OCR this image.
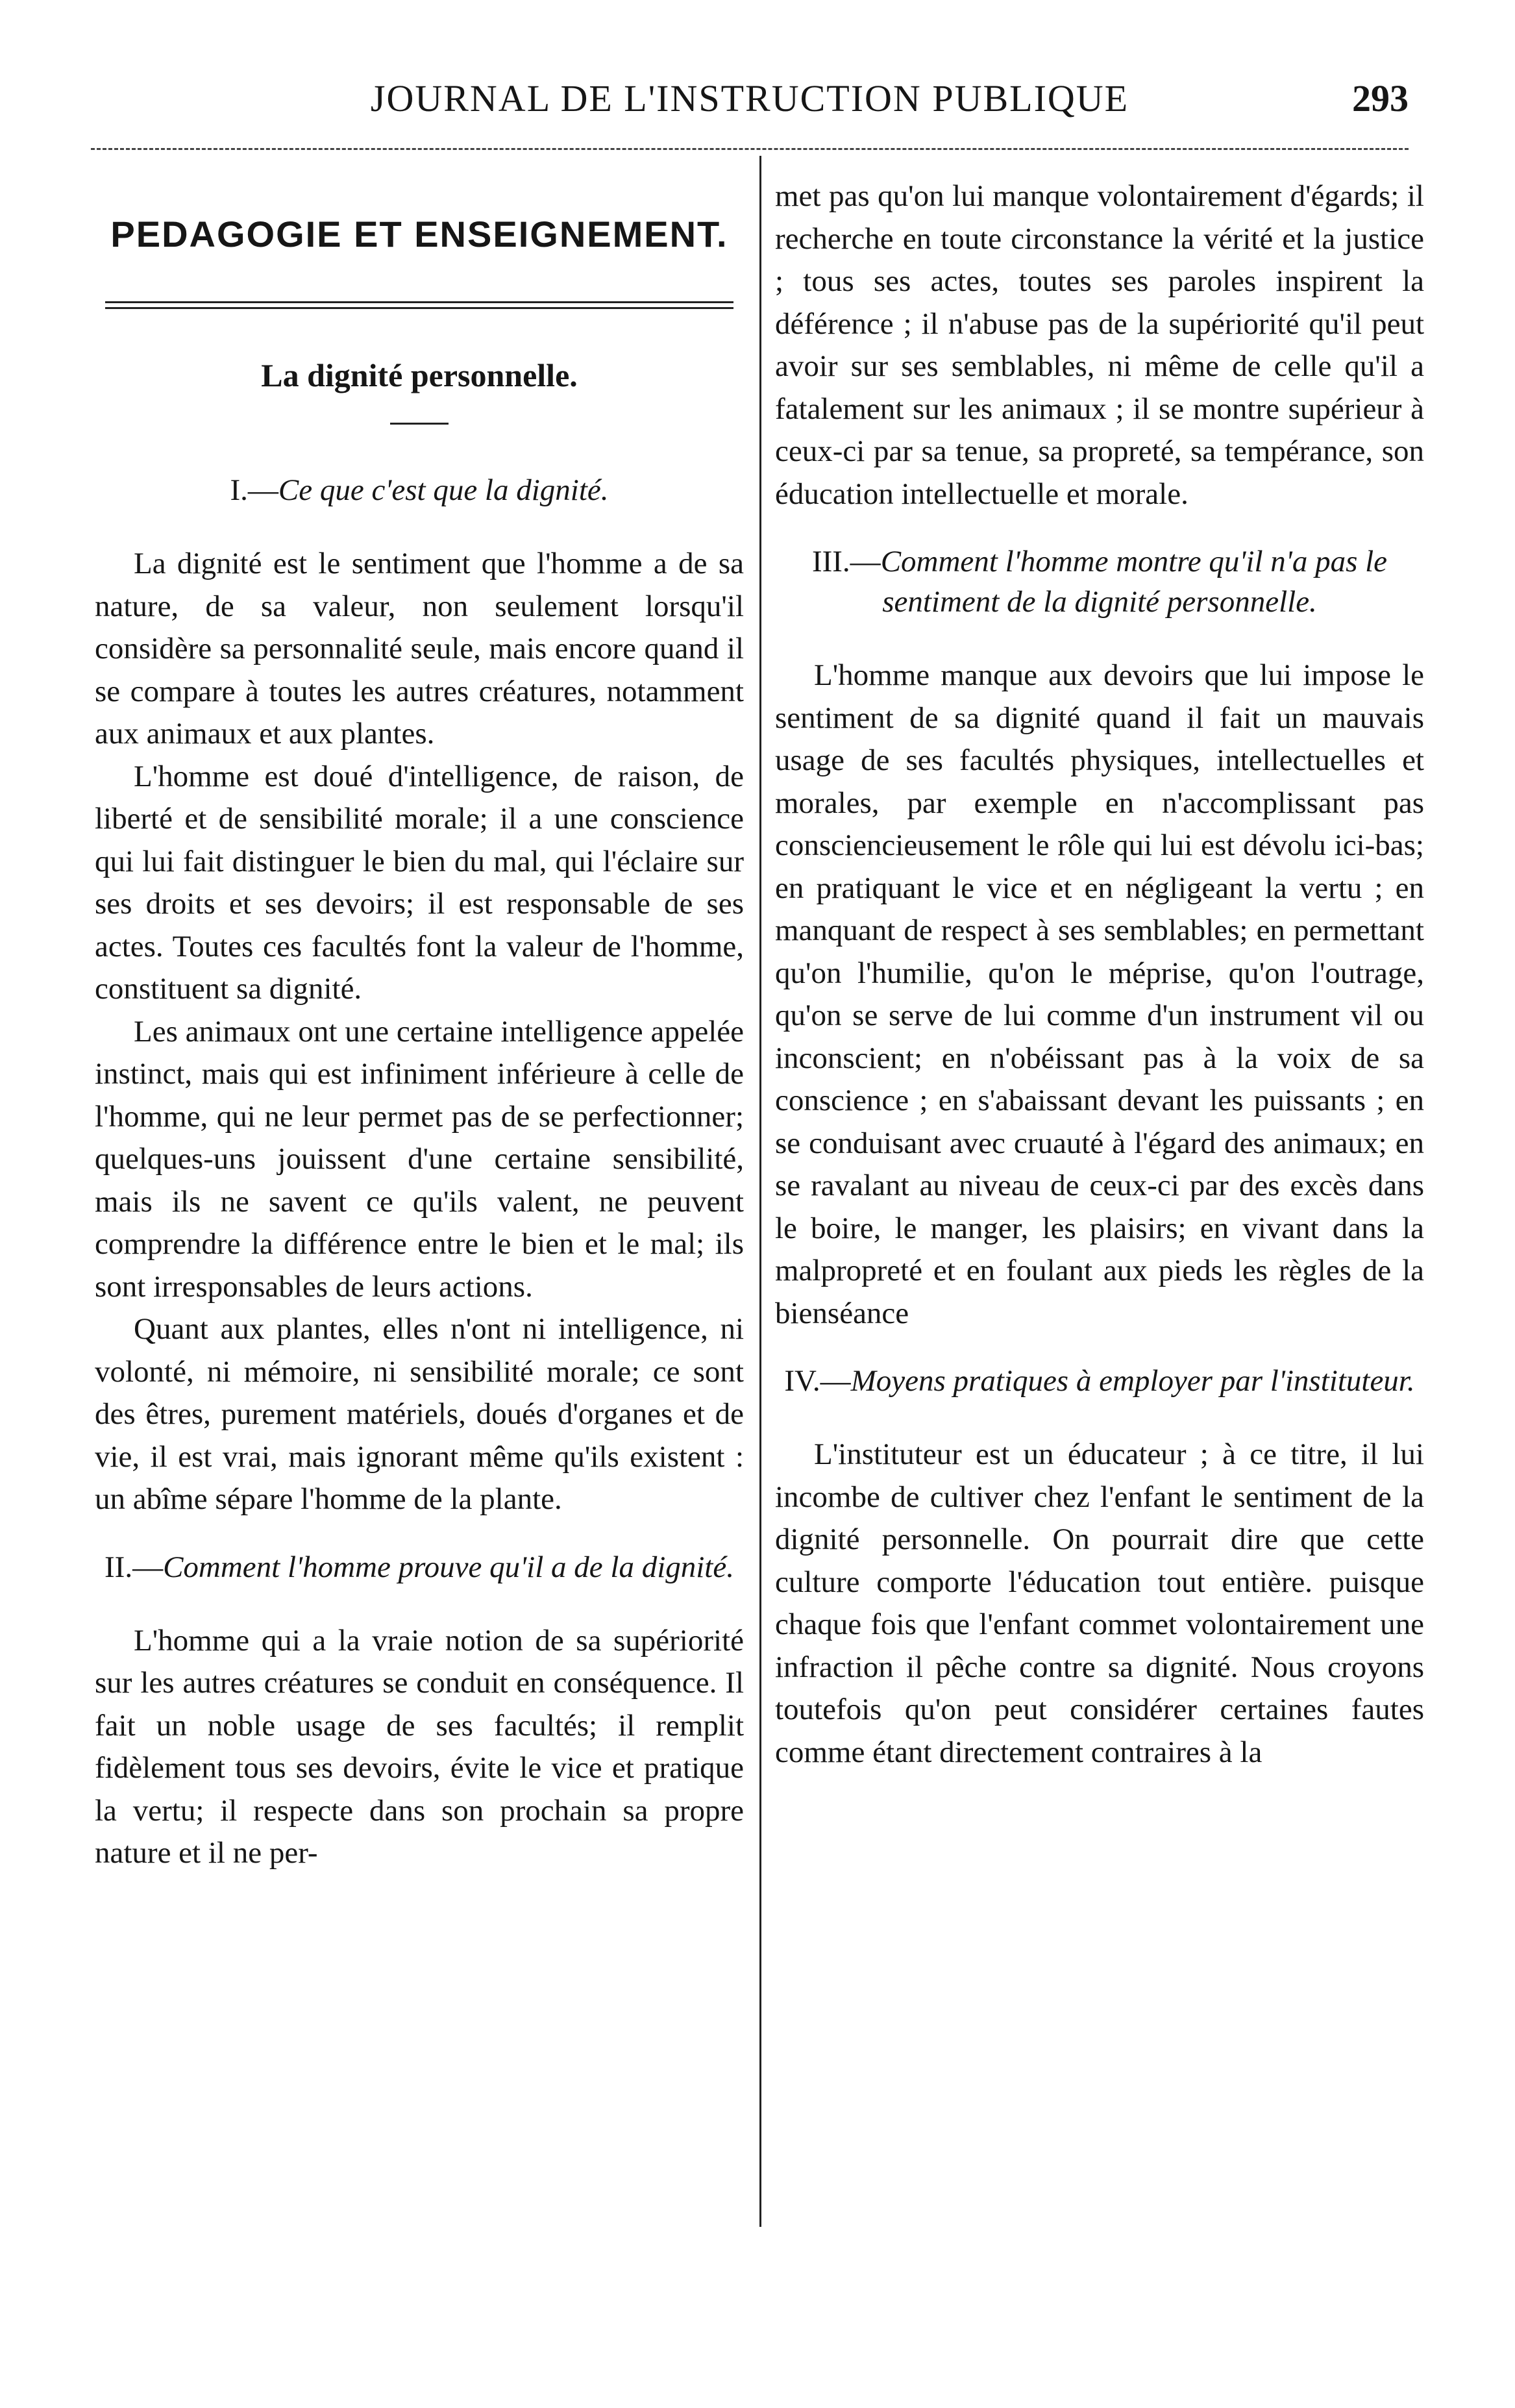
JOURNAL DE L'INSTRUCTION PUBLIQUE	293
PEDAGOGIE ET ENSEIGNEMENT.
La dignité personnelle.
I.—Ce que c'est que la dignité.

La dignité est le sentiment que l'homme a de sa nature, de sa valeur, non seulement lorsqu'il considère sa personnalité seule, mais encore quand il se compare à toutes les autres créatures, notamment aux animaux et aux plantes.

L'homme est doué d'intelligence, de raison, de liberté et de sensibilité morale; il a une conscience qui lui fait distinguer le bien du mal, qui l'éclaire sur ses droits et ses devoirs; il est responsable de ses actes. Toutes ces facultés font la valeur de l'homme, constituent sa dignité.

Les animaux ont une certaine intelligence appelée instinct, mais qui est infiniment inférieure à celle de l'homme, qui ne leur permet pas de se perfectionner; quelques-uns jouissent d'une certaine sensibilité, mais ils ne savent ce qu'ils valent, ne peuvent comprendre la différence entre le bien et le mal; ils sont irresponsables de leurs actions.

Quant aux plantes, elles n'ont ni intelligence, ni volonté, ni mémoire, ni sensibilité morale; ce sont des êtres, purement matériels, doués d'organes et de vie, il est vrai, mais ignorant même qu'ils existent : un abîme sépare l'homme de la plante.

II.—Comment l'homme prouve qu'il a de la dignité.

L'homme qui a la vraie notion de sa supériorité sur les autres créatures se conduit en conséquence. Il fait un noble usage de ses facultés; il remplit fidèlement tous ses devoirs, évite le vice et pratique la vertu; il respecte dans son prochain sa propre nature et il ne per-

met pas qu'on lui manque volontairement d'égards; il recherche en toute circonstance la vérité et la justice ; tous ses actes, toutes ses paroles inspirent la déférence ; il n'abuse pas de la supériorité qu'il peut avoir sur ses semblables, ni même de celle qu'il a fatalement sur les animaux ; il se montre supérieur à ceux-ci par sa tenue, sa propreté, sa tempérance, son éducation intellectuelle et morale.

III.—Comment l'homme montre qu'il n'a pas le sentiment de la dignité personnelle.

L'homme manque aux devoirs que lui impose le sentiment de sa dignité quand il fait un mauvais usage de ses facultés physiques, intellectuelles et morales, par exemple en n'accomplissant pas consciencieusement le rôle qui lui est dévolu ici-bas; en pratiquant le vice et en négligeant la vertu ; en manquant de respect à ses semblables; en permettant qu'on l'humilie, qu'on le méprise, qu'on l'outrage, qu'on se serve de lui comme d'un instrument vil ou inconscient; en n'obéissant pas à la voix de sa conscience ; en s'abaissant devant les puissants ; en se conduisant avec cruauté à l'égard des animaux; en se ravalant au niveau de ceux-ci par des excès dans le boire, le manger, les plaisirs; en vivant dans la malpropreté et en foulant aux pieds les règles de la bienséance

IV.—Moyens pratiques à employer par l'instituteur.

L'instituteur est un éducateur ; à ce titre, il lui incombe de cultiver chez l'enfant le sentiment de la dignité personnelle. On pourrait dire que cette culture comporte l'éducation tout entière. puisque chaque fois que l'enfant commet volontairement une infraction il pêche contre sa dignité. Nous croyons toutefois qu'on peut considérer certaines fautes comme étant directement contraires à la
